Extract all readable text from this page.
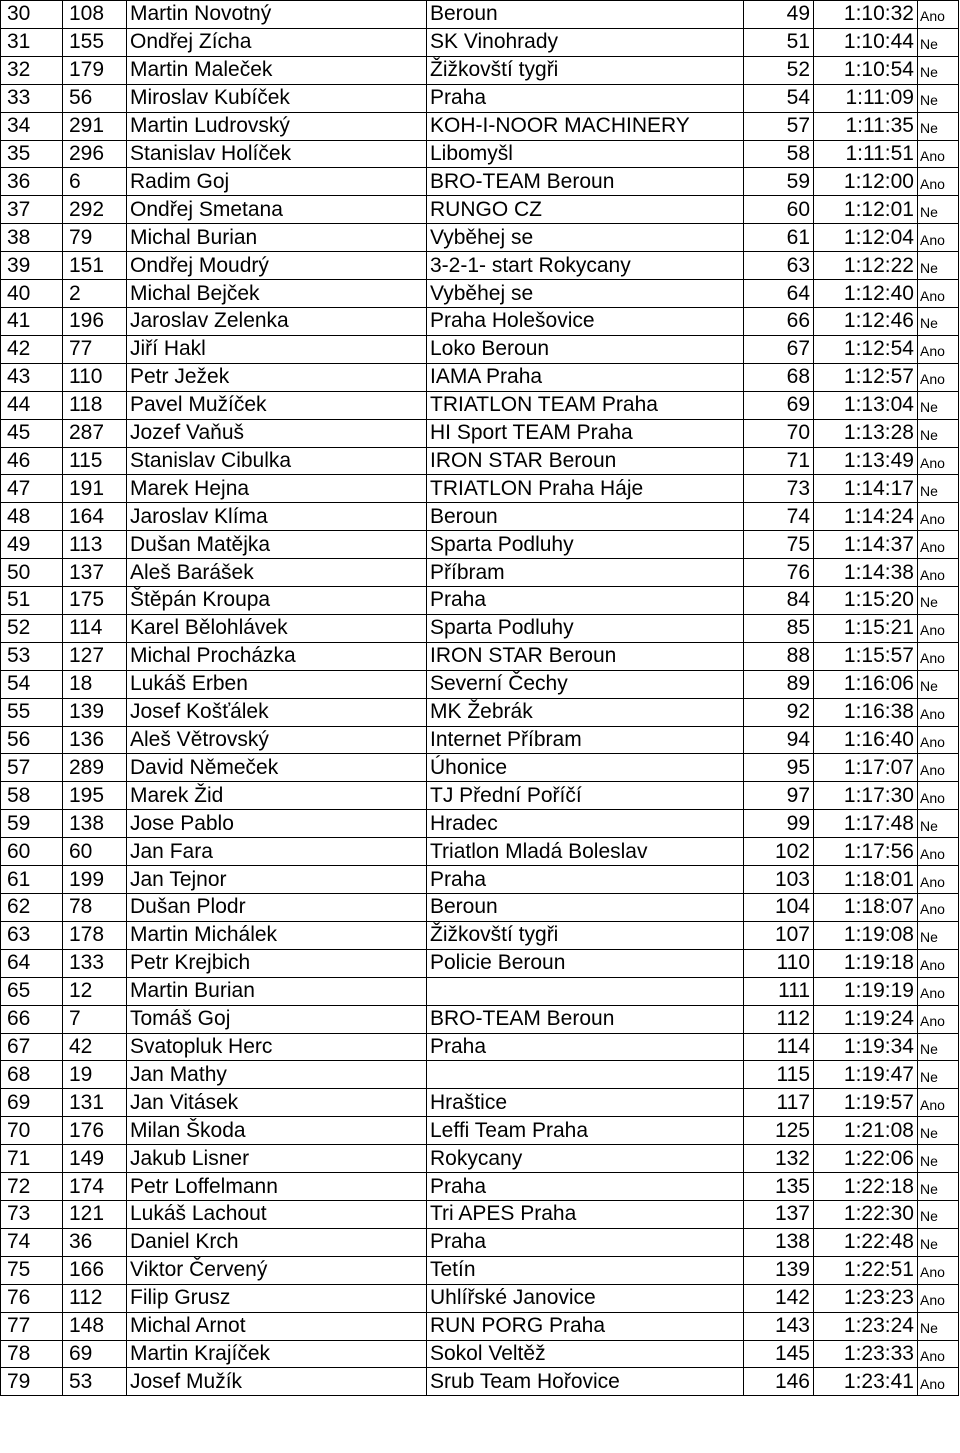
30	108	Martin Novotný	Beroun	49	1:10:32	Ano
31	155	Ondřej Zícha	SK Vinohrady	51	1:10:44	Ne
32	179	Martin Maleček	Žižkovští tygři	52	1:10:54	Ne
33	56	Miroslav Kubíček	Praha	54	1:11:09	Ne
34	291	Martin Ludrovský	KOH-I-NOOR MACHINERY	57	1:11:35	Ne
35	296	Stanislav Holíček	Libomyšl	58	1:11:51	Ano
36	6	Radim Goj	BRO-TEAM Beroun	59	1:12:00	Ano
37	292	Ondřej Smetana	RUNGO CZ	60	1:12:01	Ne
38	79	Michal Burian	Vyběhej se	61	1:12:04	Ano
39	151	Ondřej Moudrý	3-2-1- start Rokycany	63	1:12:22	Ne
40	2	Michal Bejček	Vyběhej se	64	1:12:40	Ano
41	196	Jaroslav Zelenka	Praha Holešovice	66	1:12:46	Ne
42	77	Jiří Hakl	Loko Beroun	67	1:12:54	Ano
43	110	Petr Ježek	IAMA Praha	68	1:12:57	Ano
44	118	Pavel Mužíček	TRIATLON TEAM Praha	69	1:13:04	Ne
45	287	Jozef Vaňuš	HI Sport TEAM Praha	70	1:13:28	Ne
46	115	Stanislav Cibulka	IRON STAR Beroun	71	1:13:49	Ano
47	191	Marek Hejna	TRIATLON Praha Háje	73	1:14:17	Ne
48	164	Jaroslav Klíma	Beroun	74	1:14:24	Ano
49	113	Dušan Matějka	Sparta Podluhy	75	1:14:37	Ano
50	137	Aleš Barášek	Příbram	76	1:14:38	Ano
51	175	Štěpán Kroupa	Praha	84	1:15:20	Ne
52	114	Karel Bělohlávek	Sparta Podluhy	85	1:15:21	Ano
53	127	Michal Procházka	IRON STAR Beroun	88	1:15:57	Ano
54	18	Lukáš Erben	Severní Čechy	89	1:16:06	Ne
55	139	Josef Košťálek	MK Žebrák	92	1:16:38	Ano
56	136	Aleš Větrovský	Internet Příbram	94	1:16:40	Ano
57	289	David Němeček	Úhonice	95	1:17:07	Ano
58	195	Marek Žid	TJ Přední Poříčí	97	1:17:30	Ano
59	138	Jose Pablo	Hradec	99	1:17:48	Ne
60	60	Jan Fara	Triatlon Mladá Boleslav	102	1:17:56	Ano
61	199	Jan Tejnor	Praha	103	1:18:01	Ano
62	78	Dušan Plodr	Beroun	104	1:18:07	Ano
63	178	Martin Michálek	Žižkovští tygři	107	1:19:08	Ne
64	133	Petr Krejbich	Policie Beroun	110	1:19:18	Ano
65	12	Martin Burian		111	1:19:19	Ano
66	7	Tomáš Goj	BRO-TEAM Beroun	112	1:19:24	Ano
67	42	Svatopluk Herc	Praha	114	1:19:34	Ne
68	19	Jan Mathy		115	1:19:47	Ne
69	131	Jan Vitásek	Hraštice	117	1:19:57	Ano
70	176	Milan Škoda	Leffi Team Praha	125	1:21:08	Ne
71	149	Jakub Lisner	Rokycany	132	1:22:06	Ne
72	174	Petr Loffelmann	Praha	135	1:22:18	Ne
73	121	Lukáš Lachout	Tri APES Praha	137	1:22:30	Ne
74	36	Daniel Krch	Praha	138	1:22:48	Ne
75	166	Viktor Červený	Tetín	139	1:22:51	Ano
76	112	Filip Grusz	Uhlířské Janovice	142	1:23:23	Ano
77	148	Michal Arnot	RUN PORG Praha	143	1:23:24	Ne
78	69	Martin Krajíček	Sokol Veltěž	145	1:23:33	Ano
79	53	Josef Mužík	Srub Team Hořovice	146	1:23:41	Ano
